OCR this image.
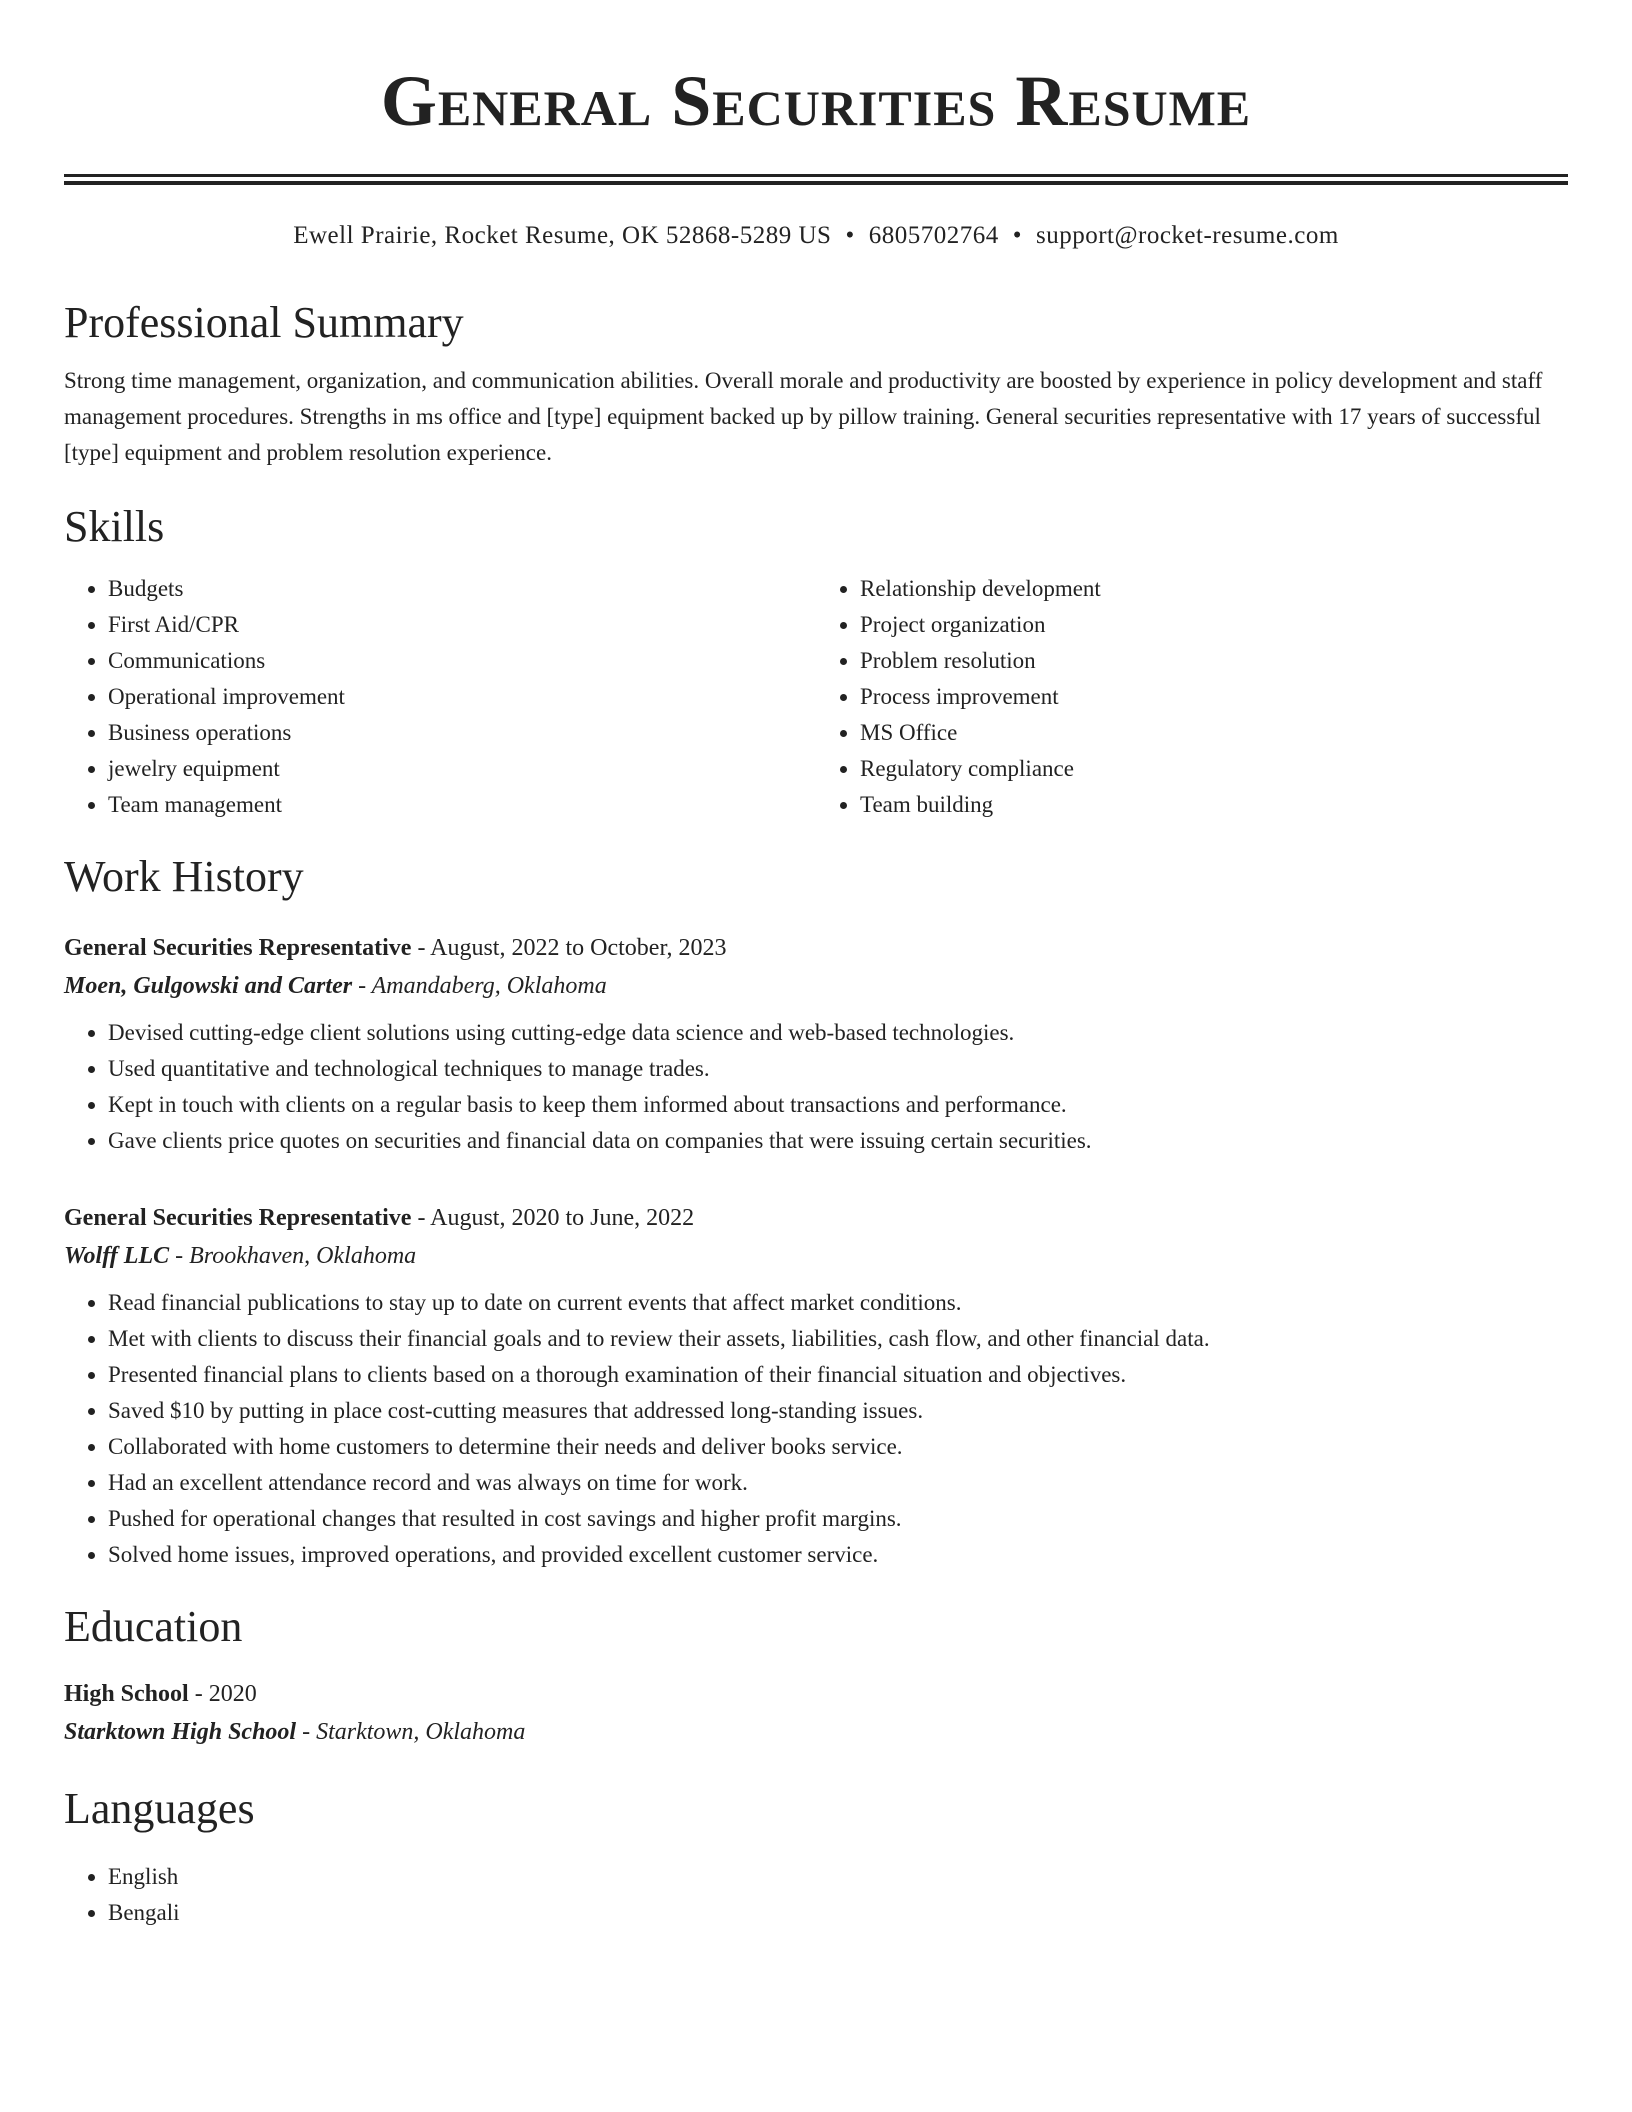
General Securities Resume
Ewell Prairie, Rocket Resume, OK 52868-5289 US • 6805702764 • support@rocket-resume.com
Professional Summary
Strong time management, organization, and communication abilities. Overall morale and productivity are boosted by experience in policy development and staff management procedures. Strengths in ms office and [type] equipment backed up by pillow training. General securities representative with 17 years of successful [type] equipment and problem resolution experience.
Skills
• Budgets
• First Aid/CPR
• Communications
• Operational improvement
• Business operations
• jewelry equipment
• Team management
• Relationship development
• Project organization
• Problem resolution
• Process improvement
• MS Office
• Regulatory compliance
• Team building
Work History
General Securities Representative - August, 2022 to October, 2023
Moen, Gulgowski and Carter - Amandaberg, Oklahoma
• Devised cutting-edge client solutions using cutting-edge data science and web-based technologies.
• Used quantitative and technological techniques to manage trades.
• Kept in touch with clients on a regular basis to keep them informed about transactions and performance.
• Gave clients price quotes on securities and financial data on companies that were issuing certain securities.
General Securities Representative - August, 2020 to June, 2022
Wolff LLC - Brookhaven, Oklahoma
• Read financial publications to stay up to date on current events that affect market conditions.
• Met with clients to discuss their financial goals and to review their assets, liabilities, cash flow, and other financial data.
• Presented financial plans to clients based on a thorough examination of their financial situation and objectives.
• Saved $10 by putting in place cost-cutting measures that addressed long-standing issues.
• Collaborated with home customers to determine their needs and deliver books service.
• Had an excellent attendance record and was always on time for work.
• Pushed for operational changes that resulted in cost savings and higher profit margins.
• Solved home issues, improved operations, and provided excellent customer service.
Education
High School - 2020
Starktown High School - Starktown, Oklahoma
Languages
• English
• Bengali
